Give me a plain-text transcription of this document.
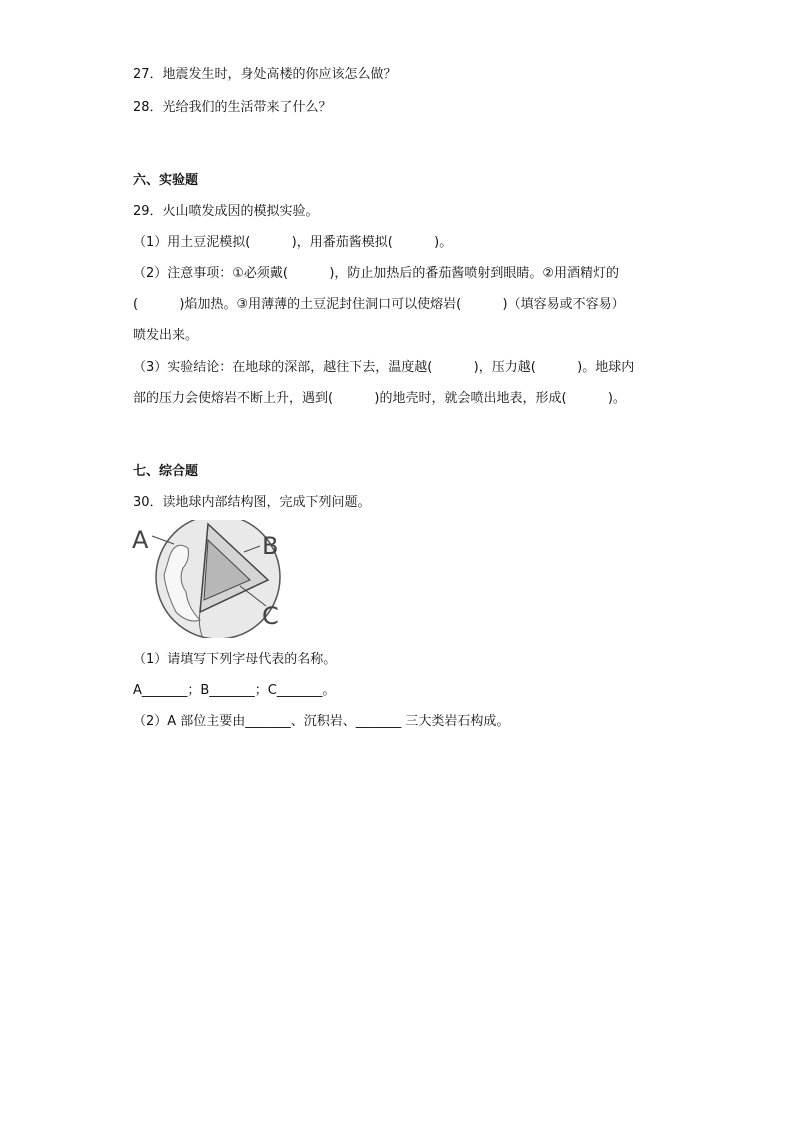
27．地震发生时，身处高楼的你应该怎么做？
28．光给我们的生活带来了什么？
六、实验题
29．火山喷发成因的模拟实验。
（1）用土豆泥模拟(          )，用番茄酱模拟(          )。
（2）注意事项：①必须戴(          )，防止加热后的番茄酱喷射到眼睛。②用酒精灯的
(          )焰加热。③用薄薄的土豆泥封住洞口可以使熔岩(          )（填容易或不容易）
喷发出来。
（3）实验结论：在地球的深部，越往下去，温度越(          )，压力越(          )。地球内
部的压力会使熔岩不断上升，遇到(          )的地壳时，就会喷出地表，形成(          )。
七、综合题
30．读地球内部结构图，完成下列问题。
A	B
C
（1）请填写下列字母代表的名称。
A_______；B_______；C_______。
（2）A 部位主要由_______、沉积岩、_______ 三大类岩石构成。
